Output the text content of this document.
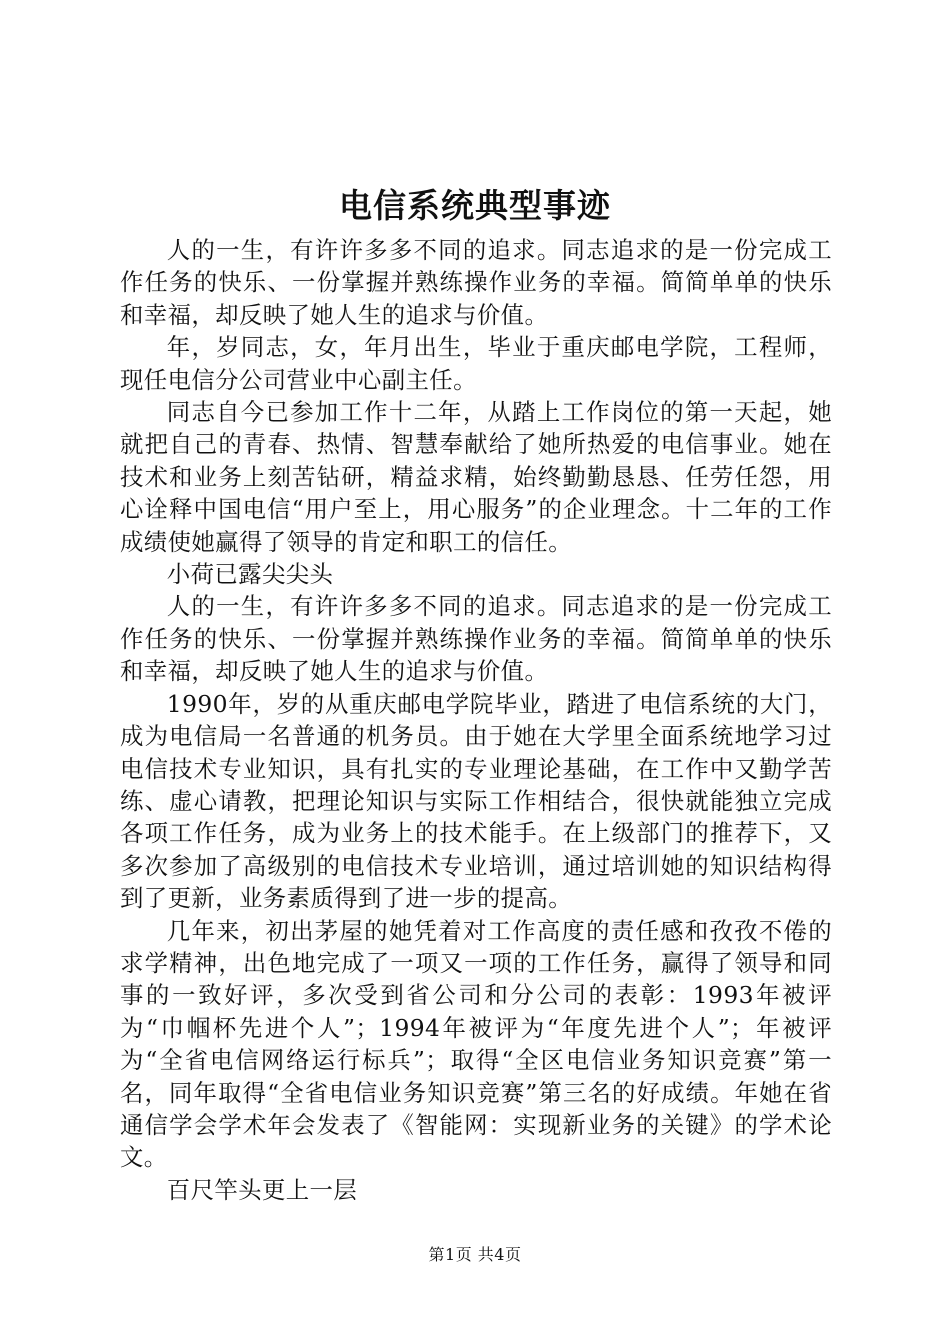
电信系统典型事迹

人的一生，有许许多多不同的追求。同志追求的是一份完成工作任务的快乐、一份掌握并熟练操作业务的幸福。简简单单的快乐和幸福，却反映了她人生的追求与价值。

年，岁同志，女，年月出生，毕业于重庆邮电学院，工程师，现任电信分公司营业中心副主任。

同志自今已参加工作十二年，从踏上工作岗位的第一天起，她就把自己的青春、热情、智慧奉献给了她所热爱的电信事业。她在技术和业务上刻苦钻研，精益求精，始终勤勤恳恳、任劳任怨，用心诠释中国电信“用户至上，用心服务”的企业理念。十二年的工作成绩使她赢得了领导的肯定和职工的信任。

小荷已露尖尖头

人的一生，有许许多多不同的追求。同志追求的是一份完成工作任务的快乐、一份掌握并熟练操作业务的幸福。简简单单的快乐和幸福，却反映了她人生的追求与价值。

1990年，岁的从重庆邮电学院毕业，踏进了电信系统的大门，成为电信局一名普通的机务员。由于她在大学里全面系统地学习过电信技术专业知识，具有扎实的专业理论基础，在工作中又勤学苦练、虚心请教，把理论知识与实际工作相结合，很快就能独立完成各项工作任务，成为业务上的技术能手。在上级部门的推荐下，又多次参加了高级别的电信技术专业培训，通过培训她的知识结构得到了更新，业务素质得到了进一步的提高。

几年来，初出茅屋的她凭着对工作高度的责任感和孜孜不倦的求学精神，出色地完成了一项又一项的工作任务，赢得了领导和同事的一致好评，多次受到省公司和分公司的表彰：1993年被评为“巾帼杯先进个人”；1994年被评为“年度先进个人”；年被评为“全省电信网络运行标兵”；取得“全区电信业务知识竞赛”第一名，同年取得“全省电信业务知识竞赛”第三名的好成绩。年她在省通信学会学术年会发表了《智能网：实现新业务的关键》的学术论文。

百尺竿头更上一层

第1页 共4页
